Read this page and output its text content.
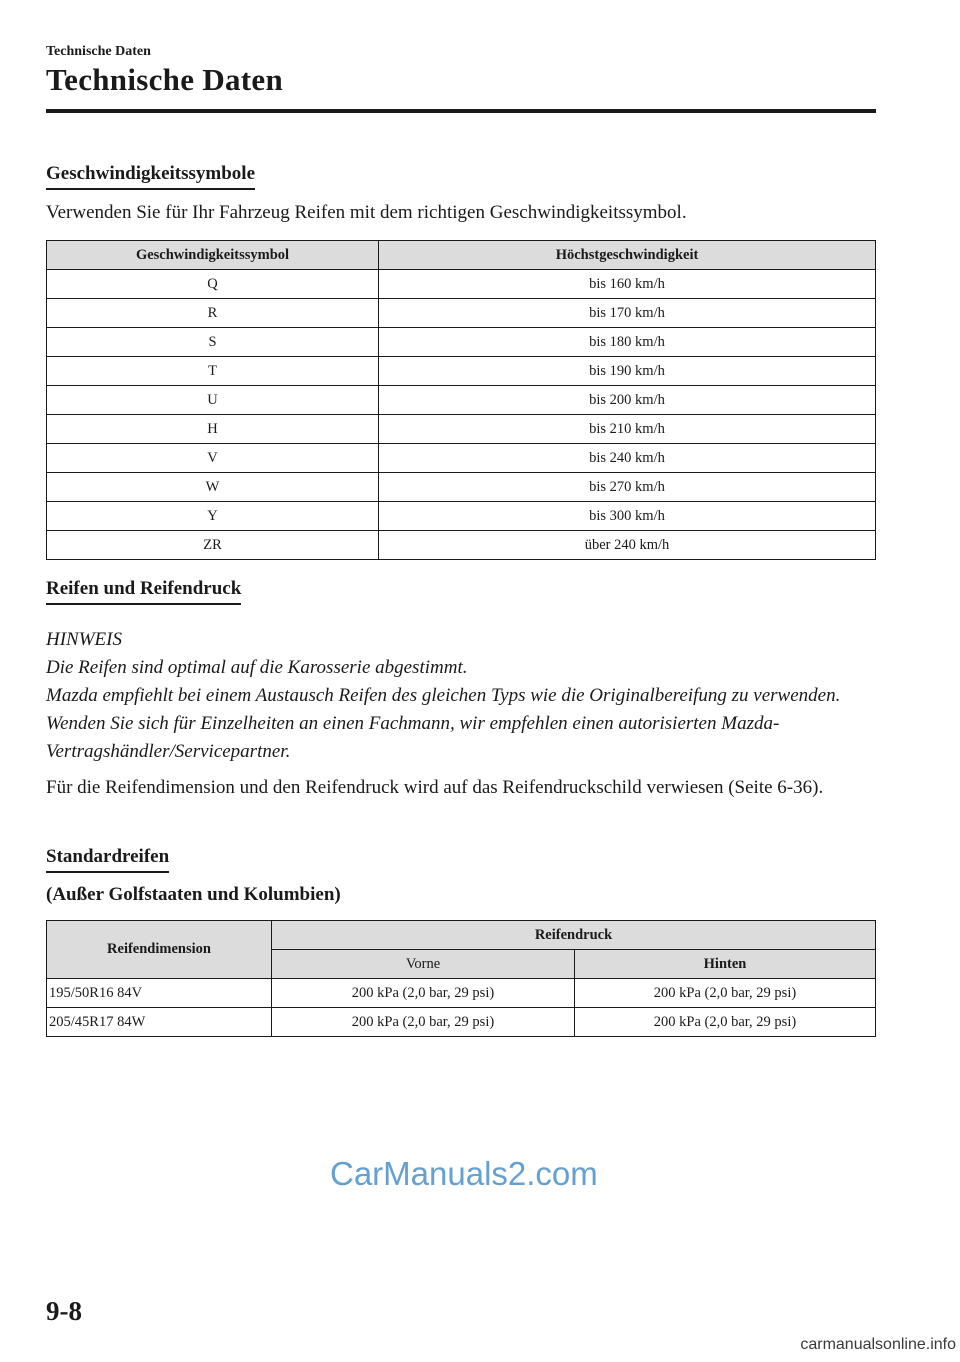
Technische Daten
Technische Daten
Geschwindigkeitssymbole
Verwenden Sie für Ihr Fahrzeug Reifen mit dem richtigen Geschwindigkeitssymbol.
Geschwindigkeitssymbol	Höchstgeschwindigkeit
Q	bis 160 km/h
R	bis 170 km/h
S	bis 180 km/h
T	bis 190 km/h
U	bis 200 km/h
H	bis 210 km/h
V	bis 240 km/h
W	bis 270 km/h
Y	bis 300 km/h
ZR	über 240 km/h
Reifen und Reifendruck
HINWEIS
Die Reifen sind optimal auf die Karosserie abgestimmt.
Mazda empfiehlt bei einem Austausch Reifen des gleichen Typs wie die Originalbereifung zu verwenden. Wenden Sie sich für Einzelheiten an einen Fachmann, wir empfehlen einen autorisierten Mazda-Vertragshändler/Servicepartner.
Für die Reifendimension und den Reifendruck wird auf das Reifendruckschild verwiesen (Seite 6-36).
Standardreifen
(Außer Golfstaaten und Kolumbien)
Reifendimension	Reifendruck	
	Vorne	Hinten
195/50R16 84V	200 kPa (2,0 bar, 29 psi)	200 kPa (2,0 bar, 29 psi)
205/45R17 84W	200 kPa (2,0 bar, 29 psi)	200 kPa (2,0 bar, 29 psi)
CarManuals2.com
9-8
carmanualsonline.info
